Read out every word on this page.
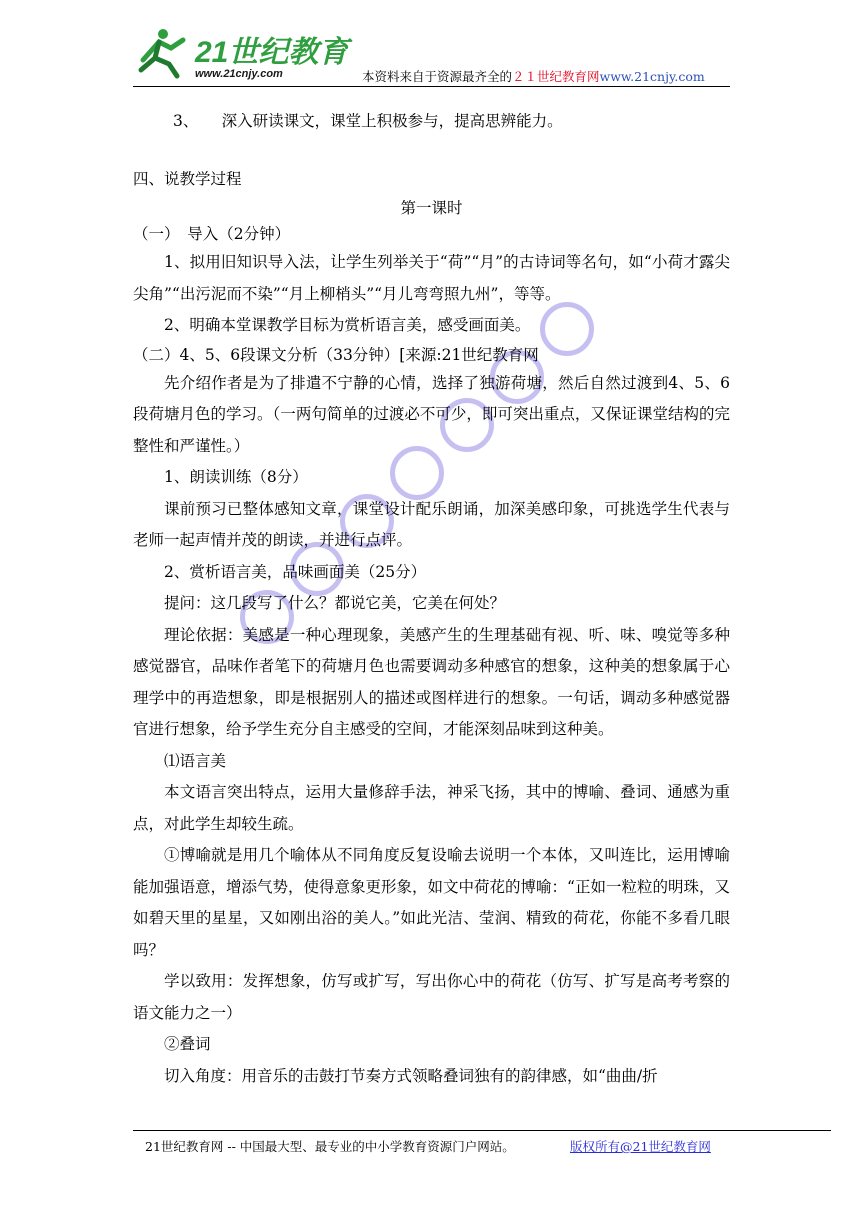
21世纪教育
www.21cnjy.com	本资料来自于资源最齐全的２１世纪教育网www.21cnjy.com

3、　　深入研读课文，课堂上积极参与，提高思辨能力。

四、说教学过程

第一课时

（一）　导入（2分钟）

1、拟用旧知识导入法，让学生列举关于“荷”“月”的古诗词等名句，如“小荷才露尖尖角”“出污泥而不染”“月上柳梢头”“月儿弯弯照九州”，等等。

2、明确本堂课教学目标为赏析语言美，感受画面美。

（二）4、5、6段课文分析（33分钟）[来源:21世纪教育网

先介绍作者是为了排遣不宁静的心情，选择了独游荷塘，然后自然过渡到4、5、6段荷塘月色的学习。（一两句简单的过渡必不可少，即可突出重点，又保证课堂结构的完整性和严谨性。）

1、朗读训练（8分）

课前预习已整体感知文章，课堂设计配乐朗诵，加深美感印象，可挑选学生代表与老师一起声情并茂的朗读，并进行点评。

2、赏析语言美，品味画面美（25分）

提问：这几段写了什么？都说它美，它美在何处？

理论依据：美感是一种心理现象，美感产生的生理基础有视、听、味、嗅觉等多种感觉器官，品味作者笔下的荷塘月色也需要调动多种感官的想象，这种美的想象属于心理学中的再造想象，即是根据别人的描述或图样进行的想象。一句话，调动多种感觉器官进行想象，给予学生充分自主感受的空间，才能深刻品味到这种美。

⑴语言美

本文语言突出特点，运用大量修辞手法，神采飞扬，其中的博喻、叠词、通感为重点，对此学生却较生疏。

①博喻就是用几个喻体从不同角度反复设喻去说明一个本体，又叫连比，运用博喻能加强语意，增添气势，使得意象更形象，如文中荷花的博喻：“正如一粒粒的明珠，又如碧天里的星星，又如刚出浴的美人。”如此光洁、莹润、精致的荷花，你能不多看几眼吗？

学以致用：发挥想象，仿写或扩写，写出你心中的荷花（仿写、扩写是高考考察的语文能力之一）

②叠词

切入角度：用音乐的击鼓打节奏方式领略叠词独有的韵律感，如“曲曲/折

21世纪教育网 -- 中国最大型、最专业的中小学教育资源门户网站。	版权所有@21世纪教育网
